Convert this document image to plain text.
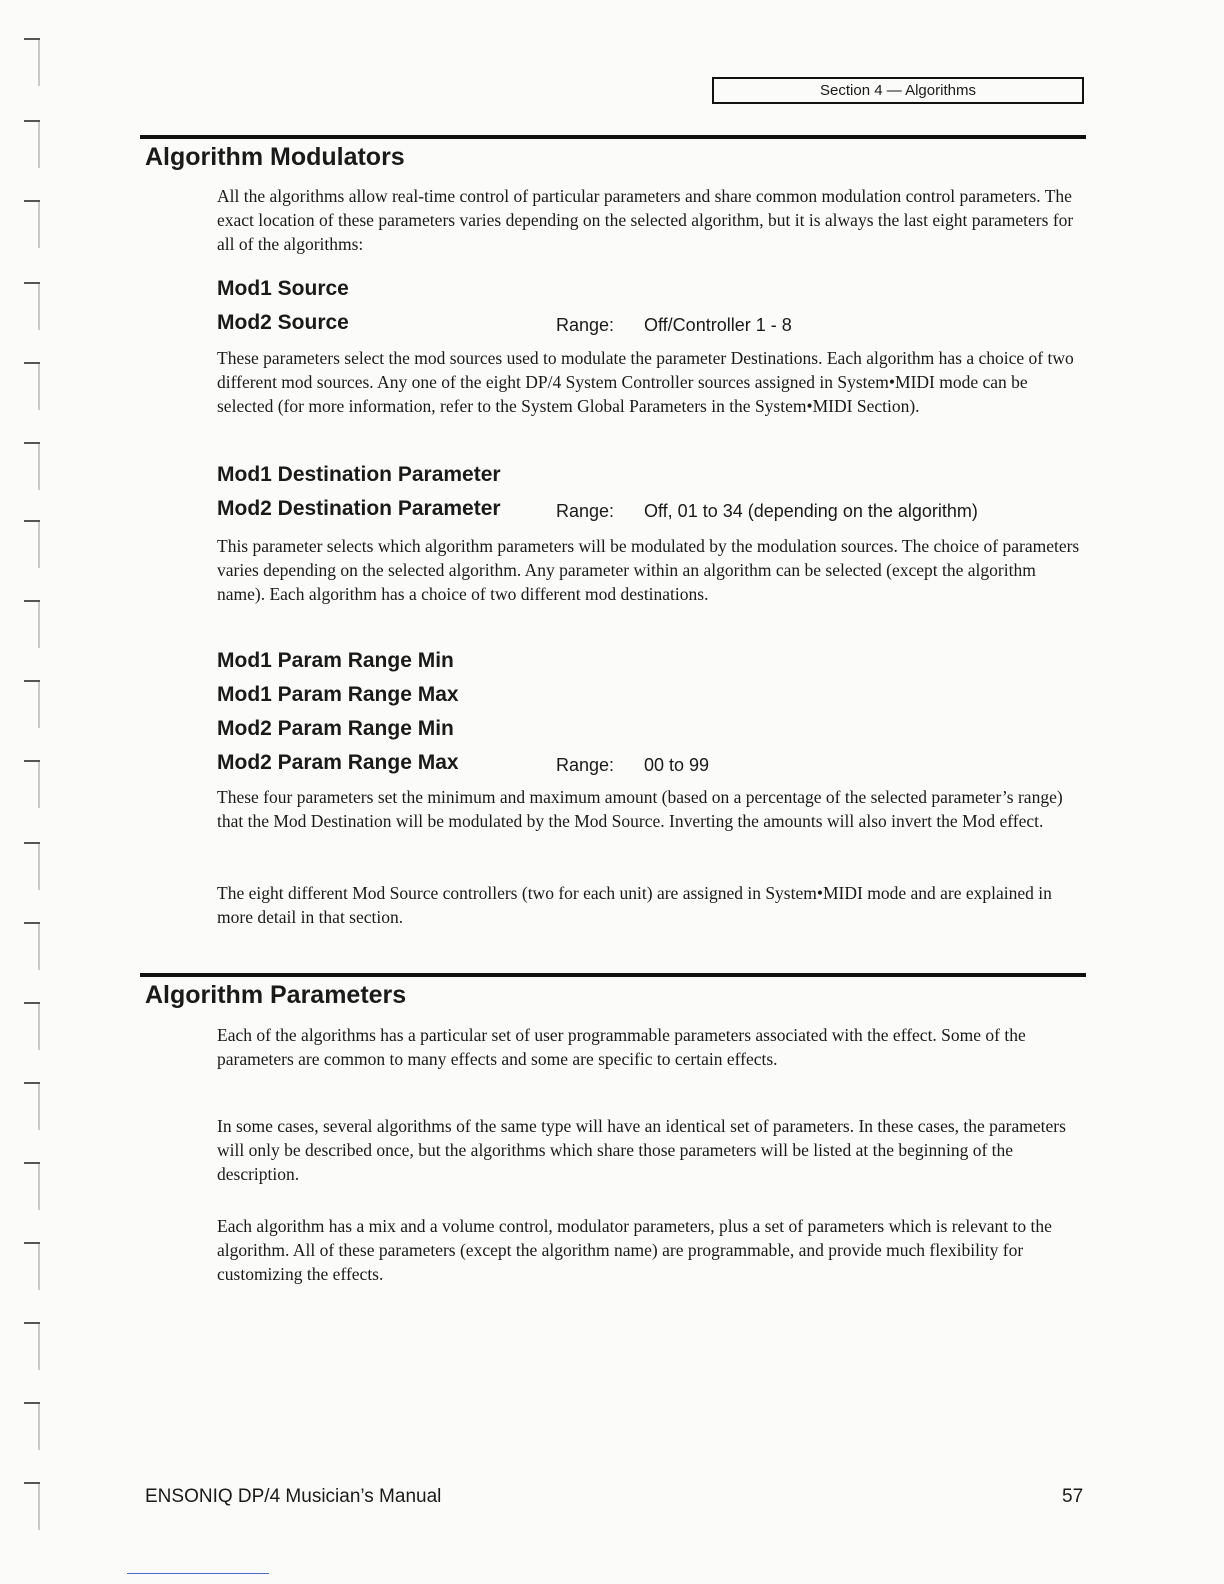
Section 4 — Algorithms
Algorithm Modulators

All the algorithms allow real-time control of particular parameters and share common modulation control parameters. The exact location of these parameters varies depending on the selected algorithm, but it is always the last eight parameters for all of the algorithms:

Mod1 Source
Mod2 Source	Range: Off/Controller 1 - 8

These parameters select the mod sources used to modulate the parameter Destinations. Each algorithm has a choice of two different mod sources. Any one of the eight DP/4 System Controller sources assigned in System•MIDI mode can be selected (for more information, refer to the System Global Parameters in the System•MIDI Section).

Mod1 Destination Parameter
Mod2 Destination Parameter	Range: Off, 01 to 34 (depending on the algorithm)

This parameter selects which algorithm parameters will be modulated by the modulation sources. The choice of parameters varies depending on the selected algorithm. Any parameter within an algorithm can be selected (except the algorithm name). Each algorithm has a choice of two different mod destinations.

Mod1 Param Range Min
Mod1 Param Range Max
Mod2 Param Range Min
Mod2 Param Range Max	Range: 00 to 99

These four parameters set the minimum and maximum amount (based on a percentage of the selected parameter’s range) that the Mod Destination will be modulated by the Mod Source. Inverting the amounts will also invert the Mod effect.

The eight different Mod Source controllers (two for each unit) are assigned in System•MIDI mode and are explained in more detail in that section.

Algorithm Parameters

Each of the algorithms has a particular set of user programmable parameters associated with the effect. Some of the parameters are common to many effects and some are specific to certain effects.

In some cases, several algorithms of the same type will have an identical set of parameters. In these cases, the parameters will only be described once, but the algorithms which share those parameters will be listed at the beginning of the description.

Each algorithm has a mix and a volume control, modulator parameters, plus a set of parameters which is relevant to the algorithm. All of these parameters (except the algorithm name) are programmable, and provide much flexibility for customizing the effects.

ENSONIQ DP/4 Musician’s Manual	57
